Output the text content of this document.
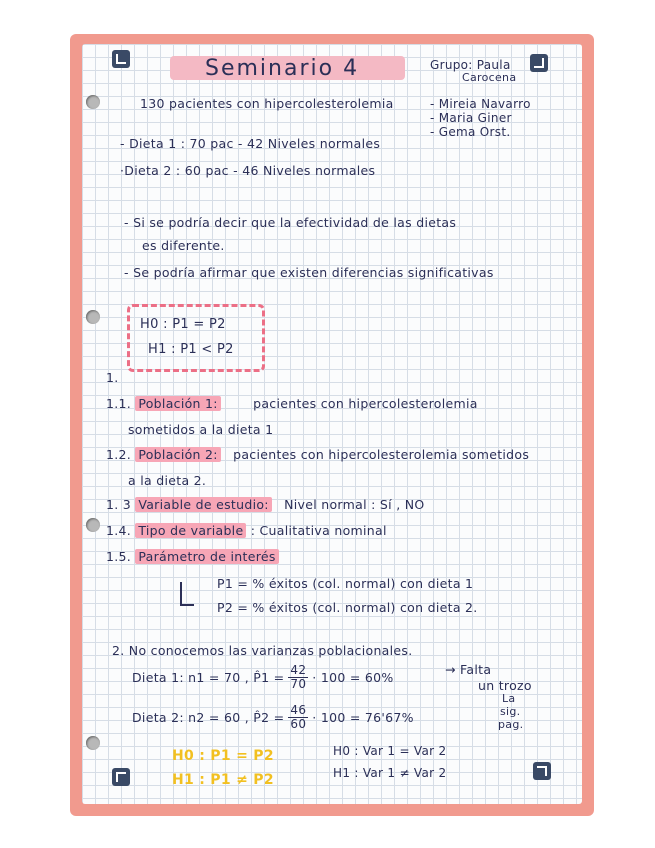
Seminario 4	Grupo: Paula
Carocena
- Mireia Navarro
- Maria Giner
- Gema Orst.
130 pacientes con hipercolesterolemia
- Dieta 1 : 70 pac - 42 Niveles normales
·Dieta 2 : 60 pac - 46 Niveles normales
- Si se podría decir que la efectividad de las dietas
es diferente.
- Se podría afirmar que existen diferencias significativas
H0 : P1 = P2
H1 : P1 < P2
1.
1.1. Población 1:	pacientes con hipercolesterolemia
sometidos a la dieta 1
1.2. Población 2: pacientes con hipercolesterolemia sometidos
a la dieta 2.
1. 3 Variable de estudio: Nivel normal : Sí , NO
1.4. Tipo de variable : Cualitativa nominal
1.5. Parámetro de interés
P1 = % éxitos (col. normal) con dieta 1
P2 = % éxitos (col. normal) con dieta 2.
2. No conocemos las varianzas poblacionales.
Dieta 1: n1 = 70 , P̂1 = $\frac{42}{70} \cdot 100 = 60\%$	→ Falta
un trozo
Dieta 2: n2 = 60 , P̂2 = $\frac{46}{60} \cdot 100 = 76'67\%$
La
sig.
pag.
H0 : P1 = P2
H1 : P1 ≠ P2
H0 : Var 1 = Var 2
H1 : Var 1 ≠ Var 2
